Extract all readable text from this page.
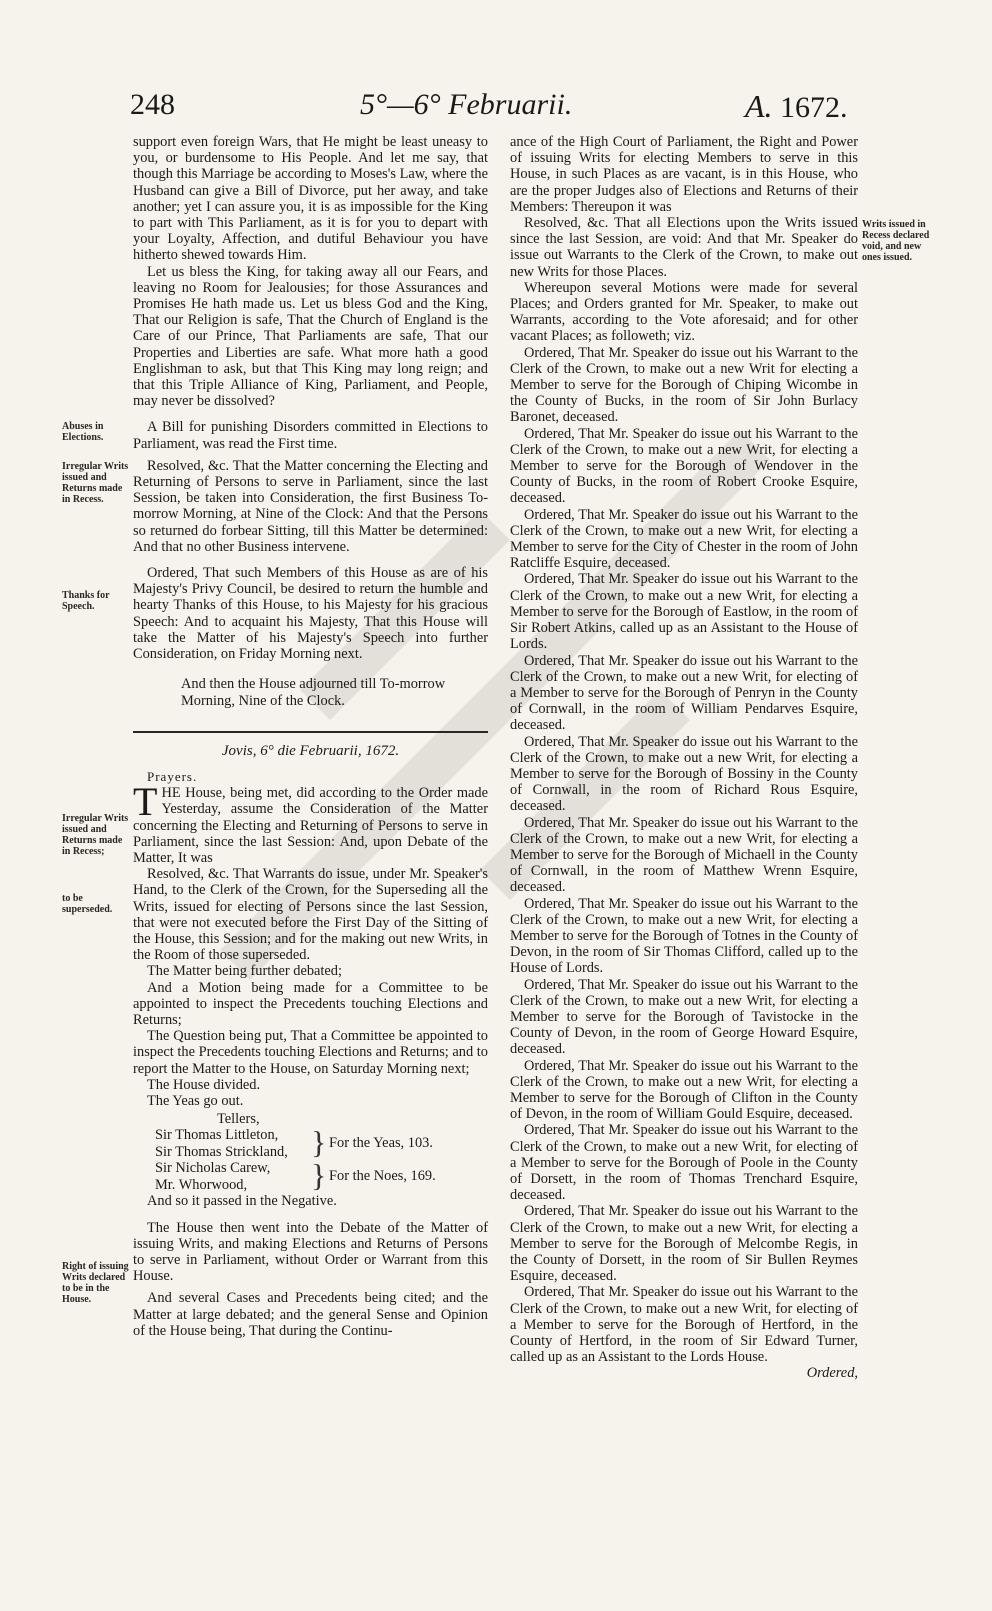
248	5°—6° Februarii.	A. 1672.
Abuses in Elections.
Irregular Writs issued and Returns made in Recess.
Thanks for Speech.
Irregular Writs issued and Returns made in Recess;
to be superseded.
Right of issuing Writs declared to be in the House.
Writs issued in Recess declared void, and new ones issued.

support even foreign Wars, that He might be least uneasy to you, or burdensome to His People. And let me say, that though this Marriage be according to Moses's Law, where the Husband can give a Bill of Divorce, put her away, and take another; yet I can assure you, it is as impossible for the King to part with This Parliament, as it is for you to depart with your Loyalty, Affection, and dutiful Behaviour you have hitherto shewed towards Him.

Let us bless the King, for taking away all our Fears, and leaving no Room for Jealousies; for those Assurances and Promises He hath made us. Let us bless God and the King, That our Religion is safe, That the Church of England is the Care of our Prince, That Parliaments are safe, That our Properties and Liberties are safe. What more hath a good Englishman to ask, but that This King may long reign; and that this Triple Alliance of King, Parliament, and People, may never be dissolved?

A Bill for punishing Disorders committed in Elections to Parliament, was read the First time.

Resolved, &c. That the Matter concerning the Electing and Returning of Persons to serve in Parliament, since the last Session, be taken into Consideration, the first Business To-morrow Morning, at Nine of the Clock: And that the Persons so returned do forbear Sitting, till this Matter be determined: And that no other Business intervene.

Ordered, That such Members of this House as are of his Majesty's Privy Council, be desired to return the humble and hearty Thanks of this House, to his Majesty for his gracious Speech: And to acquaint his Majesty, That this House will take the Matter of his Majesty's Speech into further Consideration, on Friday Morning next.

And then the House adjourned till To-morrow Morning, Nine of the Clock.

Jovis, 6° die Februarii, 1672.
Prayers.

THE House, being met, did according to the Order made Yesterday, assume the Consideration of the Matter concerning the Electing and Returning of Persons to serve in Parliament, since the last Session: And, upon Debate of the Matter, It was

Resolved, &c. That Warrants do issue, under Mr. Speaker's Hand, to the Clerk of the Crown, for the Superseding all the Writs, issued for electing of Persons since the last Session, that were not executed before the First Day of the Sitting of the House, this Session; and for the making out new Writs, in the Room of those superseded.

The Matter being further debated;

And a Motion being made for a Committee to be appointed to inspect the Precedents touching Elections and Returns;

The Question being put, That a Committee be appointed to inspect the Precedents touching Elections and Returns; and to report the Matter to the House, on Saturday Morning next;

The House divided.

The Yeas go out.

Tellers,
Sir Thomas Littleton,
Sir Thomas Strickland, } For the Yeas, 103.
Sir Nicholas Carew,
Mr. Whorwood,	} For the Noes, 169.

And so it passed in the Negative.

The House then went into the Debate of the Matter of issuing Writs, and making Elections and Returns of Persons to serve in Parliament, without Order or Warrant from this House.

And several Cases and Precedents being cited; and the Matter at large debated; and the general Sense and Opinion of the House being, That during the Continu-

ance of the High Court of Parliament, the Right and Power of issuing Writs for electing Members to serve in this House, in such Places as are vacant, is in this House, who are the proper Judges also of Elections and Returns of their Members: Thereupon it was

Resolved, &c. That all Elections upon the Writs issued since the last Session, are void: And that Mr. Speaker do issue out Warrants to the Clerk of the Crown, to make out new Writs for those Places.

Whereupon several Motions were made for several Places; and Orders granted for Mr. Speaker, to make out Warrants, according to the Vote aforesaid; and for other vacant Places; as followeth; viz.

Ordered, That Mr. Speaker do issue out his Warrant to the Clerk of the Crown, to make out a new Writ for electing a Member to serve for the Borough of Chiping Wicombe in the County of Bucks, in the room of Sir John Burlacy Baronet, deceased.

Ordered, That Mr. Speaker do issue out his Warrant to the Clerk of the Crown, to make out a new Writ, for electing a Member to serve for the Borough of Wendover in the County of Bucks, in the room of Robert Crooke Esquire, deceased.

Ordered, That Mr. Speaker do issue out his Warrant to the Clerk of the Crown, to make out a new Writ, for electing a Member to serve for the City of Chester in the room of John Ratcliffe Esquire, deceased.

Ordered, That Mr. Speaker do issue out his Warrant to the Clerk of the Crown, to make out a new Writ, for electing a Member to serve for the Borough of Eastlow, in the room of Sir Robert Atkins, called up as an Assistant to the House of Lords.

Ordered, That Mr. Speaker do issue out his Warrant to the Clerk of the Crown, to make out a new Writ, for electing of a Member to serve for the Borough of Penryn in the County of Cornwall, in the room of William Pendarves Esquire, deceased.

Ordered, That Mr. Speaker do issue out his Warrant to the Clerk of the Crown, to make out a new Writ, for electing a Member to serve for the Borough of Bossiny in the County of Cornwall, in the room of Richard Rous Esquire, deceased.

Ordered, That Mr. Speaker do issue out his Warrant to the Clerk of the Crown, to make out a new Writ, for electing a Member to serve for the Borough of Michaell in the County of Cornwall, in the room of Matthew Wrenn Esquire, deceased.

Ordered, That Mr. Speaker do issue out his Warrant to the Clerk of the Crown, to make out a new Writ, for electing a Member to serve for the Borough of Totnes in the County of Devon, in the room of Sir Thomas Clifford, called up to the House of Lords.

Ordered, That Mr. Speaker do issue out his Warrant to the Clerk of the Crown, to make out a new Writ, for electing a Member to serve for the Borough of Tavistocke in the County of Devon, in the room of George Howard Esquire, deceased.

Ordered, That Mr. Speaker do issue out his Warrant to the Clerk of the Crown, to make out a new Writ, for electing a Member to serve for the Borough of Clifton in the County of Devon, in the room of William Gould Esquire, deceased.

Ordered, That Mr. Speaker do issue out his Warrant to the Clerk of the Crown, to make out a new Writ, for electing of a Member to serve for the Borough of Poole in the County of Dorsett, in the room of Thomas Trenchard Esquire, deceased.

Ordered, That Mr. Speaker do issue out his Warrant to the Clerk of the Crown, to make out a new Writ, for electing a Member to serve for the Borough of Melcombe Regis, in the County of Dorsett, in the room of Sir Bullen Reymes Esquire, deceased.

Ordered, That Mr. Speaker do issue out his Warrant to the Clerk of the Crown, to make out a new Writ, for electing of a Member to serve for the Borough of Hertford, in the County of Hertford, in the room of Sir Edward Turner, called up as an Assistant to the Lords House.

Ordered,
